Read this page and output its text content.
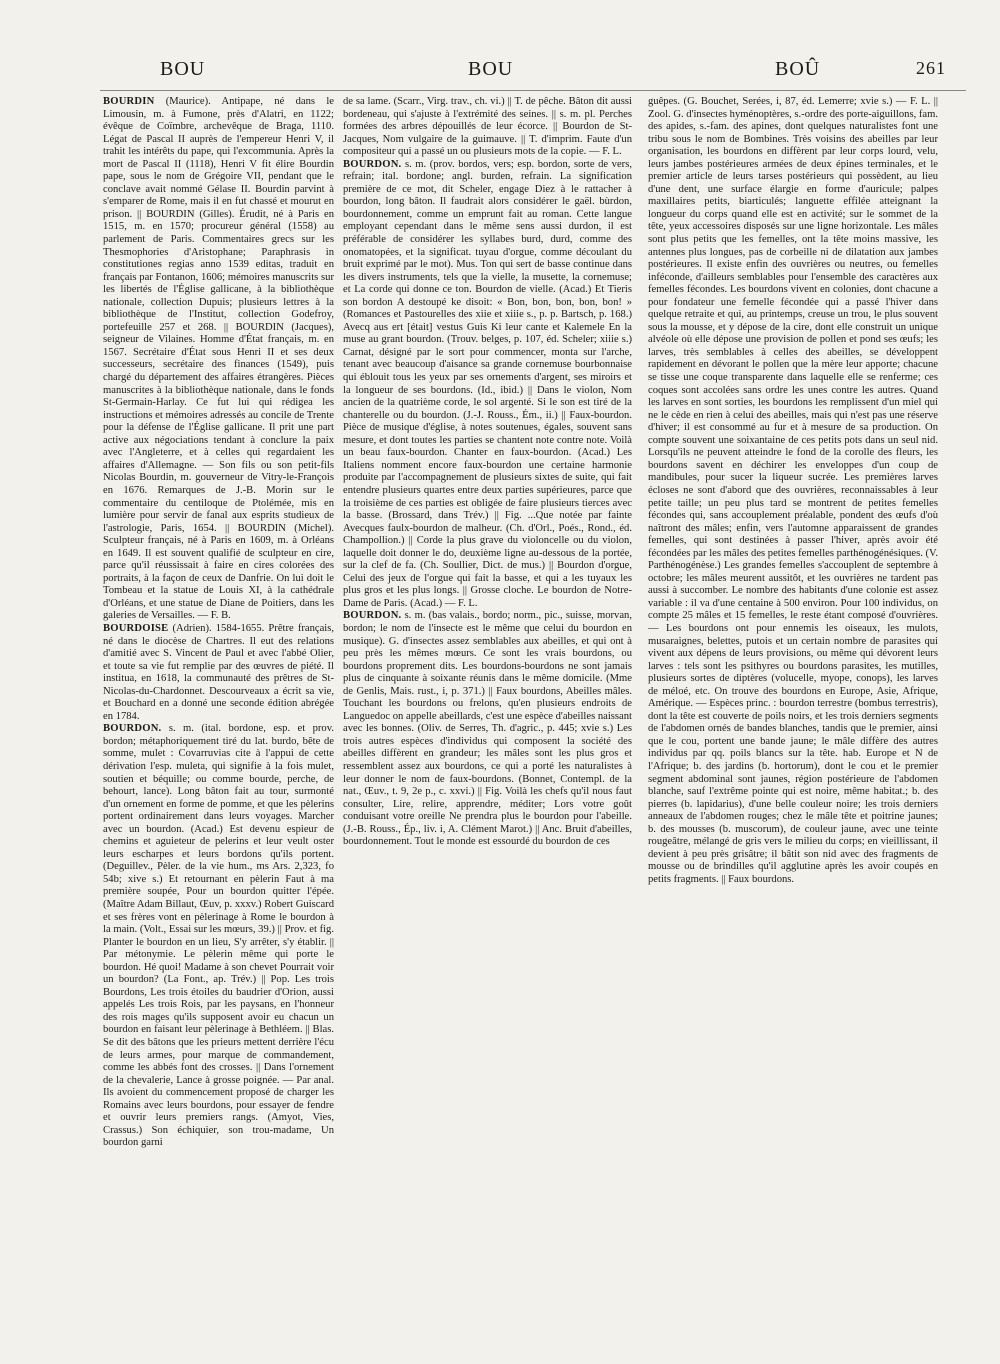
BOU	BOU	BOÛ	261

BOURDIN (Maurice). Antipape, né dans le Limousin, m. à Fumone, près d'Alatri, en 1122; évêque de Coïmbre, archevêque de Braga, 1110. Légat de Pascal II auprès de l'empereur Henri V, il trahit les intérêts du pape, qui l'excommunia. Après la mort de Pascal II (1118), Henri V fit élire Bourdin pape, sous le nom de Grégoire VII, pendant que le conclave avait nommé Gélase II. Bourdin parvint à s'emparer de Rome, mais il en fut chassé et mourut en prison. || BOURDIN (Gilles). Érudit, né à Paris en 1515, m. en 1570; procureur général (1558) au parlement de Paris. Commentaires grecs sur les Thesmophories d'Aristophane; Paraphrasis in constitutiones regias anno 1539 editas, traduit en français par Fontanon, 1606; mémoires manuscrits sur les libertés de l'Église gallicane, à la bibliothèque nationale, collection Dupuis; plusieurs lettres à la bibliothèque de l'Institut, collection Godefroy, portefeuille 257 et 268. || BOURDIN (Jacques), seigneur de Vilaines. Homme d'État français, m. en 1567. Secrétaire d'État sous Henri II et ses deux successeurs, secrétaire des finances (1549), puis chargé du département des affaires étrangères. Pièces manuscrites à la bibliothèque nationale, dans le fonds St-Germain-Harlay. Ce fut lui qui rédigea les instructions et mémoires adressés au concile de Trente pour la défense de l'Église gallicane. Il prit une part active aux négociations tendant à conclure la paix avec l'Angleterre, et à celles qui regardaient les affaires d'Allemagne. — Son fils ou son petit-fils Nicolas Bourdin, m. gouverneur de Vitry-le-François en 1676. Remarques de J.-B. Morin sur le commentaire du centiloque de Ptolémée, mis en lumière pour servir de fanal aux esprits studieux de l'astrologie, Paris, 1654. || BOURDIN (Michel). Sculpteur français, né à Paris en 1609, m. à Orléans en 1649. Il est souvent qualifié de sculpteur en cire, parce qu'il réussissait à faire en cires colorées des portraits, à la façon de ceux de Danfrie. On lui doit le Tombeau et la statue de Louis XI, à la cathédrale d'Orléans, et une statue de Diane de Poitiers, dans les galeries de Versailles. — F. B.

BOURDOISE (Adrien). 1584-1655. Prêtre français, né dans le diocèse de Chartres. Il eut des relations d'amitié avec S. Vincent de Paul et avec l'abbé Olier, et toute sa vie fut remplie par des œuvres de piété. Il institua, en 1618, la communauté des prêtres de St-Nicolas-du-Chardonnet. Descourveaux a écrit sa vie, et Bouchard en a donné une seconde édition abrégée en 1784.

BOURDON. s. m. (ital. bordone, esp. et prov. bordon; métaphoriquement tiré du lat. burdo, bête de somme, mulet : Covarruvias cite à l'appui de cette dérivation l'esp. muleta, qui signifie à la fois mulet, soutien et béquille; ou comme bourde, perche, de behourt, lance). Long bâton fait au tour, surmonté d'un ornement en forme de pomme, et que les pèlerins portent ordinairement dans leurs voyages. Marcher avec un bourdon. (Acad.) Est devenu espieur de chemins et aguieteur de pelerins et leur veult oster leurs escharpes et leurs bordons qu'ils portent. (Deguillev., Pèler. de la vie hum., ms Ars. 2,323, fo 54b; xive s.) Et retournant en pèlerin Faut à ma première soupée, Pour un bourdon quitter l'épée. (Maître Adam Billaut, Œuv, p. xxxv.) Robert Guiscard et ses frères vont en pèlerinage à Rome le bourdon à la main. (Volt., Essai sur les mœurs, 39.) || Prov. et fig. Planter le bourdon en un lieu, S'y arrêter, s'y établir. || Par métonymie. Le pèlerin même qui porte le bourdon. Hé quoi! Madame à son chevet Pourrait voir un bourdon? (La Font., ap. Trév.) || Pop. Les trois Bourdons, Les trois étoiles du baudrier d'Orion, aussi appelés Les trois Rois, par les paysans, en l'honneur des rois mages qu'ils supposent avoir eu chacun un bourdon en faisant leur pèlerinage à Bethléem. || Blas. Se dit des bâtons que les prieurs mettent derrière l'écu de leurs armes, pour marque de commandement, comme les abbés font des crosses. || Dans l'ornement de la chevalerie, Lance à grosse poignée. — Par anal. Ils avoient du commencement proposé de charger les Romains avec leurs bourdons, pour essayer de fendre et ouvrir leurs premiers rangs. (Amyot, Vies, Crassus.) Son échiquier, son trou-madame, Un bourdon garni

de sa lame. (Scarr., Virg. trav., ch. vi.) || T. de pêche. Bâton dit aussi bordeneau, qui s'ajuste à l'extrémité des seines. || s. m. pl. Perches formées des arbres dépouillés de leur écorce. || Bourdon de St-Jacques, Nom vulgaire de la guimauve. || T. d'imprim. Faute d'un compositeur qui a passé un ou plusieurs mots de la copie. — F. L.

BOURDON. s. m. (prov. bordos, vers; esp. bordon, sorte de vers, refrain; ital. bordone; angl. burden, refrain. La signification première de ce mot, dit Scheler, engage Diez à le rattacher à bourdon, long bâton. Il faudrait alors considérer le gaël. bùrdon, bourdonnement, comme un emprunt fait au roman. Cette langue employant cependant dans le même sens aussi durdon, il est préférable de considérer les syllabes burd, durd, comme des onomatopées, et la significat. tuyau d'orgue, comme découlant du bruit exprimé par le mot). Mus. Ton qui sert de basse continue dans les divers instruments, tels que la vielle, la musette, la cornemuse; et La corde qui donne ce ton. Bourdon de vielle. (Acad.) Et Tieris son bordon A destoupé ke disoit: « Bon, bon, bon, bon, bon! » (Romances et Pastourelles des xiie et xiiie s., p. p. Bartsch, p. 168.) Avecq aus ert [était] vestus Guis Ki leur cante et Kalemele En la muse au grant bourdon. (Trouv. belges, p. 107, éd. Scheler; xiiie s.) Carnat, désigné par le sort pour commencer, monta sur l'arche, tenant avec beaucoup d'aisance sa grande cornemuse bourbonnaise qui éblouit tous les yeux par ses ornements d'argent, ses miroirs et la longueur de ses bourdons. (Id., ibid.) || Dans le violon, Nom ancien de la quatrième corde, le sol argenté. Si le son est tiré de la chanterelle ou du bourdon. (J.-J. Rouss., Ém., ii.) || Faux-bourdon. Pièce de musique d'église, à notes soutenues, égales, souvent sans mesure, et dont toutes les parties se chantent note contre note. Voilà un beau faux-bourdon. Chanter en faux-bourdon. (Acad.) Les Italiens nomment encore faux-bourdon une certaine harmonie produite par l'accompagnement de plusieurs sixtes de suite, qui fait entendre plusieurs quartes entre deux parties supérieures, parce que la troisième de ces parties est obligée de faire plusieurs tierces avec la basse. (Brossard, dans Trév.) || Fig. ...Que notée par fainte Avecques faulx-bourdon de malheur. (Ch. d'Orl., Poés., Rond., éd. Champollion.) || Corde la plus grave du violoncelle ou du violon, laquelle doit donner le do, deuxième ligne au-dessous de la portée, sur la clef de fa. (Ch. Soullier, Dict. de mus.) || Bourdon d'orgue, Celui des jeux de l'orgue qui fait la basse, et qui a les tuyaux les plus gros et les plus longs. || Grosse cloche. Le bourdon de Notre-Dame de Paris. (Acad.) — F. L.

BOURDON. s. m. (bas valais., bordo; norm., pic., suisse, morvan, bordon; le nom de l'insecte est le même que celui du bourdon en musique). G. d'insectes assez semblables aux abeilles, et qui ont à peu près les mêmes mœurs. Ce sont les vrais bourdons, ou bourdons proprement dits. Les bourdons-bourdons ne sont jamais plus de cinquante à soixante réunis dans le même domicile. (Mme de Genlis, Mais. rust., i, p. 371.) || Faux bourdons, Abeilles mâles. Touchant les bourdons ou frelons, qu'en plusieurs endroits de Languedoc on appelle abeillards, c'est une espèce d'abeilles naissant avec les bonnes. (Oliv. de Serres, Th. d'agric., p. 445; xvie s.) Les trois autres espèces d'individus qui composent la société des abeilles diffèrent en grandeur; les mâles sont les plus gros et ressemblent assez aux bourdons, ce qui a porté les naturalistes à leur donner le nom de faux-bourdons. (Bonnet, Contempl. de la nat., Œuv., t. 9, 2e p., c. xxvi.) || Fig. Voilà les chefs qu'il nous faut consulter, Lire, relire, apprendre, méditer; Lors votre goût conduisant votre oreille Ne prendra plus le bourdon pour l'abeille. (J.-B. Rouss., Ép., liv. i, A. Clément Marot.) || Anc. Bruit d'abeilles, bourdonnement. Tout le monde est essourdé du bourdon de ces

guêpes. (G. Bouchet, Serées, i, 87, éd. Lemerre; xvie s.) — F. L. || Zool. G. d'insectes hyménoptères, s.-ordre des porte-aiguillons, fam. des apides, s.-fam. des apines, dont quelques naturalistes font une tribu sous le nom de Bombines. Très voisins des abeilles par leur organisation, les bourdons en diffèrent par leur corps lourd, velu, leurs jambes postérieures armées de deux épines terminales, et le premier article de leurs tarses postérieurs qui possèdent, au lieu d'une dent, une surface élargie en forme d'auricule; palpes maxillaires petits, biarticulés; languette effilée atteignant la longueur du corps quand elle est en activité; sur le sommet de la tête, yeux accessoires disposés sur une ligne horizontale. Les mâles sont plus petits que les femelles, ont la tête moins massive, les antennes plus longues, pas de corbeille ni de dilatation aux jambes postérieures. Il existe enfin des ouvrières ou neutres, ou femelles inféconde, d'ailleurs semblables pour l'ensemble des caractères aux femelles fécondes. Les bourdons vivent en colonies, dont chacune a pour fondateur une femelle fécondée qui a passé l'hiver dans quelque retraite et qui, au printemps, creuse un trou, le plus souvent sous la mousse, et y dépose de la cire, dont elle construit un unique alvéole où elle dépose une provision de pollen et pond ses œufs; les larves, très semblables à celles des abeilles, se développent rapidement en dévorant le pollen que la mère leur apporte; chacune se tisse une coque transparente dans laquelle elle se renferme; ces coques sont accolées sans ordre les unes contre les autres. Quand les larves en sont sorties, les bourdons les remplissent d'un miel qui ne le cède en rien à celui des abeilles, mais qui n'est pas une réserve d'hiver; il est consommé au fur et à mesure de sa production. On compte souvent une soixantaine de ces petits pots dans un seul nid. Lorsqu'ils ne peuvent atteindre le fond de la corolle des fleurs, les bourdons savent en déchirer les enveloppes d'un coup de mandibules, pour sucer la liqueur sucrée. Les premières larves écloses ne sont d'abord que des ouvrières, reconnaissables à leur petite taille; un peu plus tard se montrent de petites femelles fécondes qui, sans accouplement préalable, pondent des œufs d'où naîtront des mâles; enfin, vers l'automne apparaissent de grandes femelles, qui sont destinées à passer l'hiver, après avoir été fécondées par les mâles des petites femelles parthénogénésiques. (V. Parthénogénèse.) Les grandes femelles s'accouplent de septembre à octobre; les mâles meurent aussitôt, et les ouvrières ne tardent pas aussi à succomber. Le nombre des habitants d'une colonie est assez variable : il va d'une centaine à 500 environ. Pour 100 individus, on compte 25 mâles et 15 femelles, le reste étant composé d'ouvrières. — Les bourdons ont pour ennemis les oiseaux, les mulots, musaraignes, belettes, putois et un certain nombre de parasites qui vivent aux dépens de leurs provisions, ou même qui dévorent leurs larves : tels sont les psithyres ou bourdons parasites, les mutilles, plusieurs sortes de diptères (volucelle, myope, conops), les larves de méloé, etc. On trouve des bourdons en Europe, Asie, Afrique, Amérique. — Espèces princ. : bourdon terrestre (bombus terrestris), dont la tête est couverte de poils noirs, et les trois derniers segments de l'abdomen ornés de bandes blanches, tandis que le premier, ainsi que le cou, portent une bande jaune; le mâle diffère des autres individus par qq. poils blancs sur la tête. hab. Europe et N de l'Afrique; b. des jardins (b. hortorum), dont le cou et le premier segment abdominal sont jaunes, région postérieure de l'abdomen blanche, sauf l'extrême pointe qui est noire, même habitat.; b. des pierres (b. lapidarius), d'une belle couleur noire; les trois derniers anneaux de l'abdomen rouges; chez le mâle tête et poitrine jaunes; b. des mousses (b. muscorum), de couleur jaune, avec une teinte rougeâtre, mélangé de gris vers le milieu du corps; en vieillissant, il devient à peu près grisâtre; il bâtit son nid avec des fragments de mousse ou de brindilles qu'il agglutine après les avoir coupés en petits fragments. || Faux bourdons.
